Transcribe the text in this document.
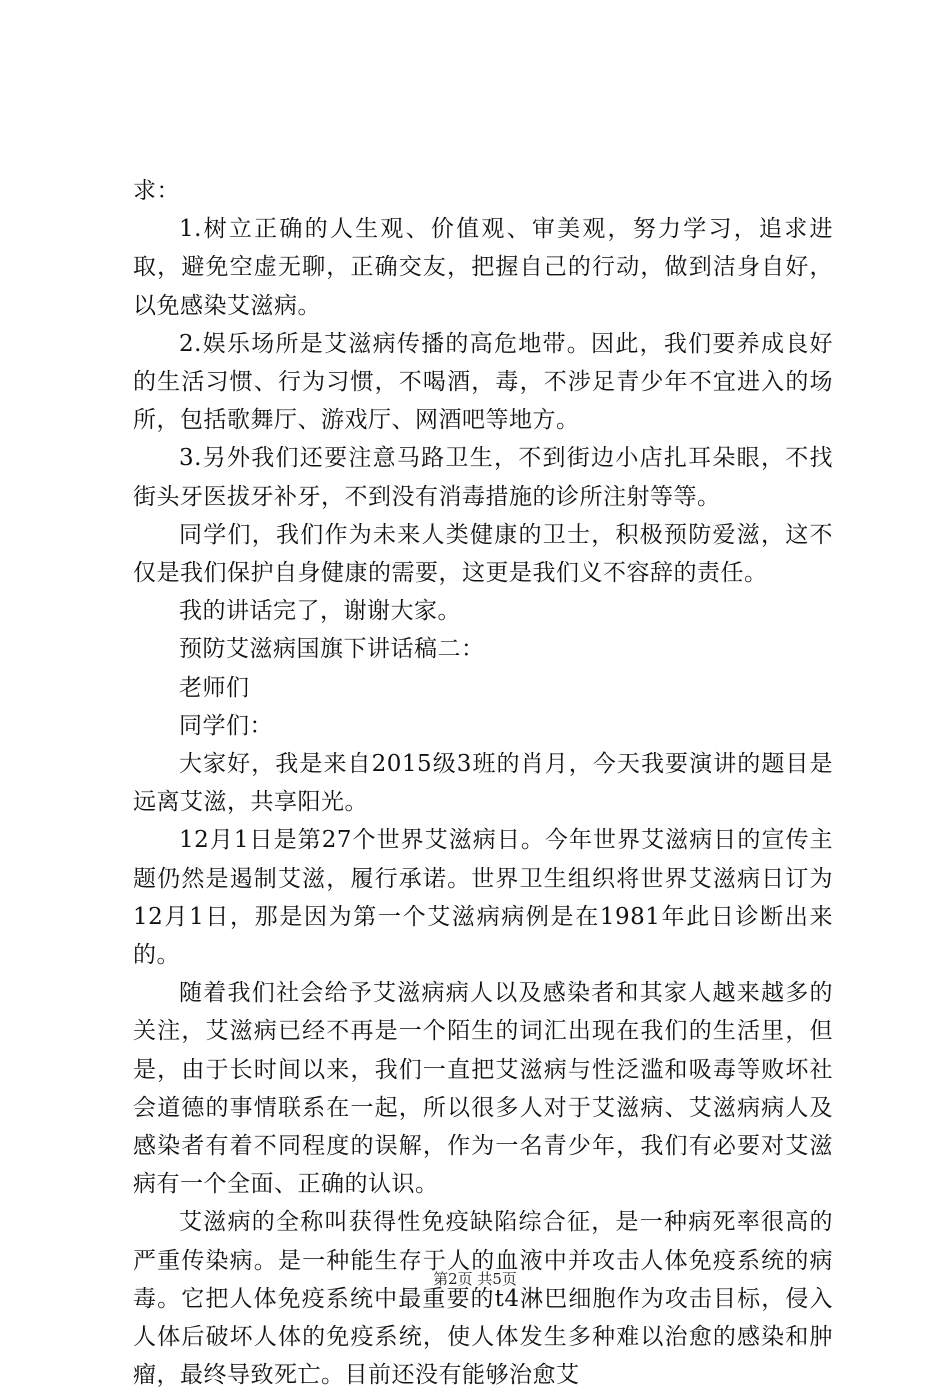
求：

1.树立正确的人生观、价值观、审美观，努力学习，追求进取，避免空虚无聊，正确交友，把握自己的行动，做到洁身自好，以免感染艾滋病。

2.娱乐场所是艾滋病传播的高危地带。因此，我们要养成良好的生活习惯、行为习惯，不喝酒，毒，不涉足青少年不宜进入的场所，包括歌舞厅、游戏厅、网酒吧等地方。

3.另外我们还要注意马路卫生，不到街边小店扎耳朵眼，不找街头牙医拔牙补牙，不到没有消毒措施的诊所注射等等。

同学们，我们作为未来人类健康的卫士，积极预防爱滋，这不仅是我们保护自身健康的需要，这更是我们义不容辞的责任。

我的讲话完了，谢谢大家。

预防艾滋病国旗下讲话稿二：

老师们

同学们：

大家好，我是来自2015级3班的肖月，今天我要演讲的题目是远离艾滋，共享阳光。

12月1日是第27个世界艾滋病日。今年世界艾滋病日的宣传主题仍然是遏制艾滋，履行承诺。世界卫生组织将世界艾滋病日订为12月1日，那是因为第一个艾滋病病例是在1981年此日诊断出来的。

随着我们社会给予艾滋病病人以及感染者和其家人越来越多的关注，艾滋病已经不再是一个陌生的词汇出现在我们的生活里，但是，由于长时间以来，我们一直把艾滋病与性泛滥和吸毒等败坏社会道德的事情联系在一起，所以很多人对于艾滋病、艾滋病病人及感染者有着不同程度的误解，作为一名青少年，我们有必要对艾滋病有一个全面、正确的认识。

艾滋病的全称叫获得性免疫缺陷综合征，是一种病死率很高的严重传染病。是一种能生存于人的血液中并攻击人体免疫系统的病毒。它把人体免疫系统中最重要的t4淋巴细胞作为攻击目标，侵入人体后破坏人体的免疫系统，使人体发生多种难以治愈的感染和肿瘤，最终导致死亡。目前还没有能够治愈艾

第2页 共5页
